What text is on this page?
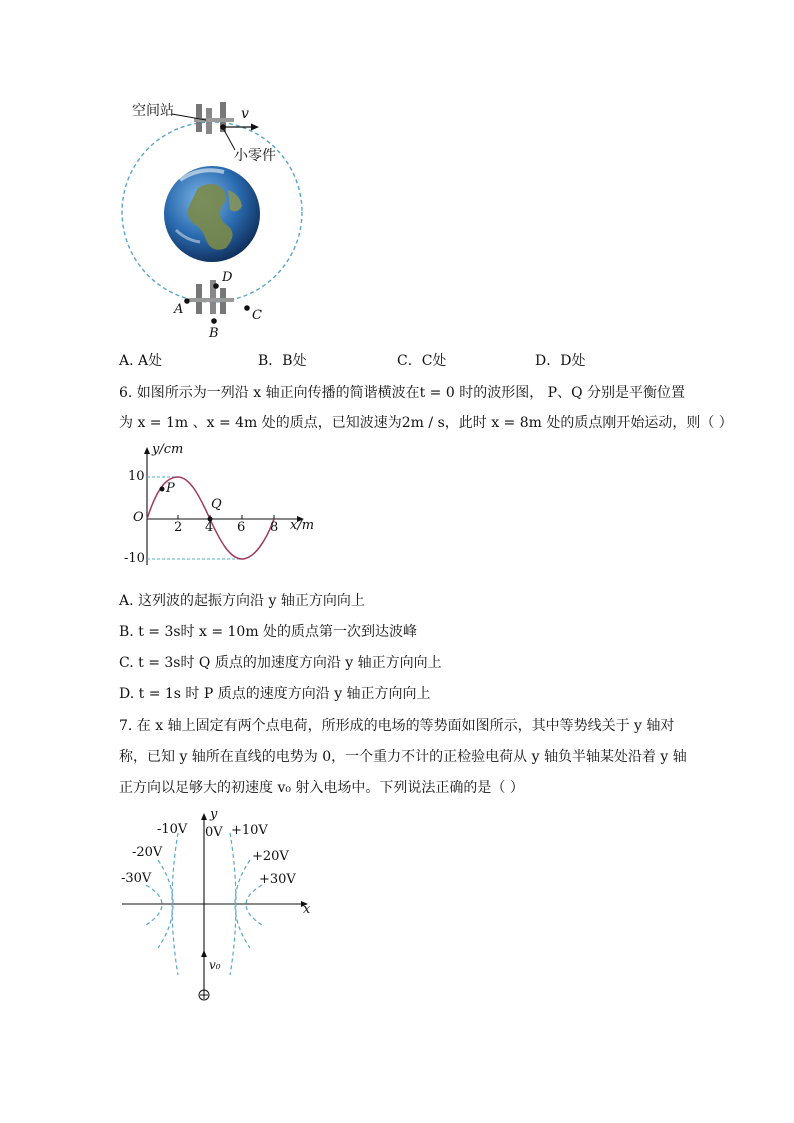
空间站	v
小零件
A
B
C
D
A. A处	B．B处	C．C处	D．D处
6. 如图所示为一列沿 x 轴正向传播的简谐横波在t = 0 时的波形图， P、Q 分别是平衡位置
为 x = 1m 、x = 4m 处的质点，已知波速为2m / s，此时 x = 8m 处的质点刚开始运动，则（ ）
y/cm
10
-10
O
2 4 6 8 x/m
P
Q
A. 这列波的起振方向沿 y 轴正方向向上
B. t = 3s时 x = 10m 处的质点第一次到达波峰
C. t = 3s时 Q 质点的加速度方向沿 y 轴正方向向上
D. t = 1s 时 P 质点的速度方向沿 y 轴正方向向上
7. 在 x 轴上固定有两个点电荷，所形成的电场的等势面如图所示，其中等势线关于 y 轴对
称，已知 y 轴所在直线的电势为 0，一个重力不计的正检验电荷从 y 轴负半轴某处沿着 y 轴
正方向以足够大的初速度 v₀ 射入电场中。下列说法正确的是（ ）
y
x
-10V 0V +10V
-20V	+20V
-30V	+30V
v₀
